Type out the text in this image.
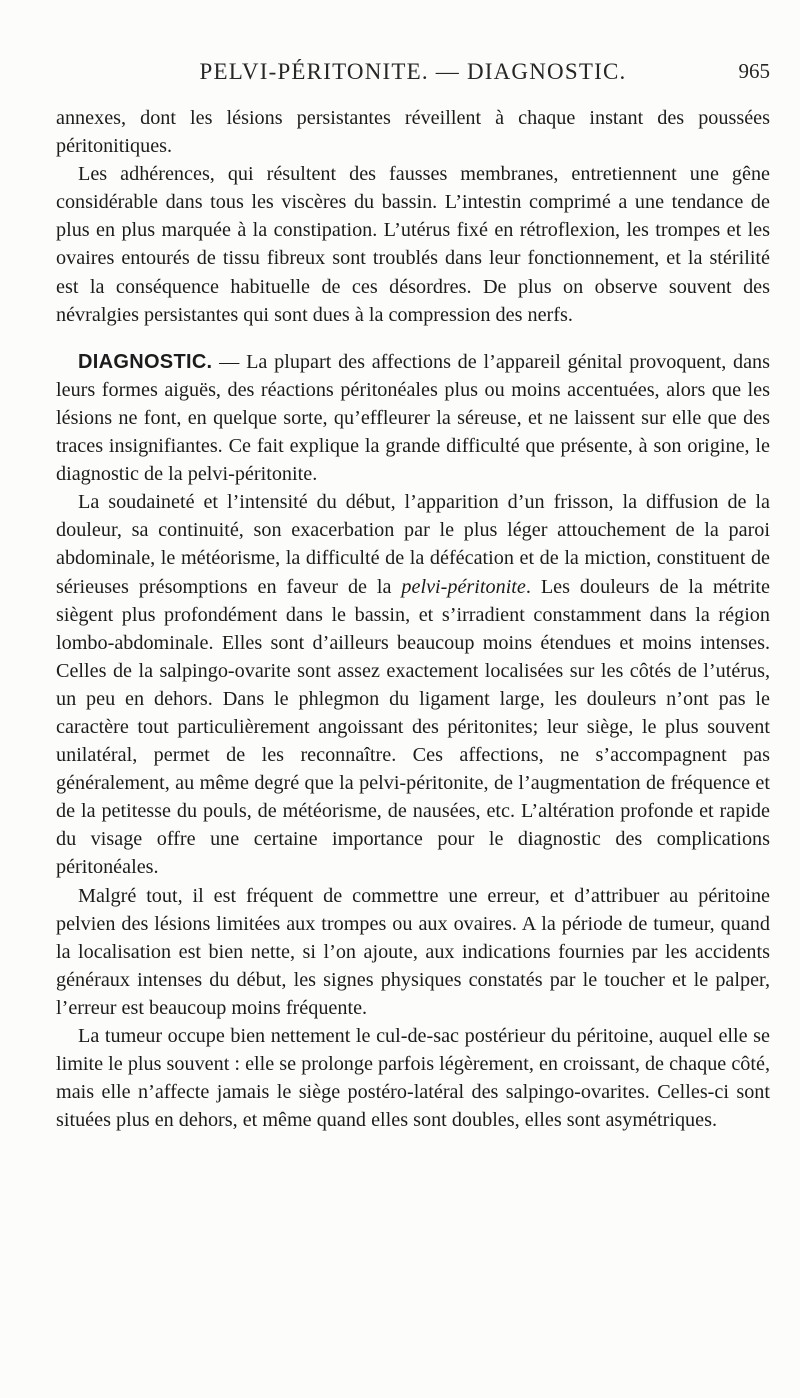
PELVI-PÉRITONITE. — DIAGNOSTIC.	965

annexes, dont les lésions persistantes réveillent à chaque instant des poussées péritonitiques.

Les adhérences, qui résultent des fausses membranes, entretiennent une gêne considérable dans tous les viscères du bassin. L’intestin comprimé a une tendance de plus en plus marquée à la constipation. L’utérus fixé en rétroflexion, les trompes et les ovaires entourés de tissu fibreux sont troublés dans leur fonctionnement, et la stérilité est la conséquence habituelle de ces désordres. De plus on observe souvent des névralgies persistantes qui sont dues à la compression des nerfs.

DIAGNOSTIC. — La plupart des affections de l’appareil génital provoquent, dans leurs formes aiguës, des réactions péritonéales plus ou moins accentuées, alors que les lésions ne font, en quelque sorte, qu’effleurer la séreuse, et ne laissent sur elle que des traces insignifiantes. Ce fait explique la grande difficulté que présente, à son origine, le diagnostic de la pelvi-péritonite.

La soudaineté et l’intensité du début, l’apparition d’un frisson, la diffusion de la douleur, sa continuité, son exacerbation par le plus léger attouchement de la paroi abdominale, le météorisme, la difficulté de la défécation et de la miction, constituent de sérieuses présomptions en faveur de la pelvi-péritonite. Les douleurs de la métrite siègent plus profondément dans le bassin, et s’irradient constamment dans la région lombo-abdominale. Elles sont d’ailleurs beaucoup moins étendues et moins intenses. Celles de la salpingo-ovarite sont assez exactement localisées sur les côtés de l’utérus, un peu en dehors. Dans le phlegmon du ligament large, les douleurs n’ont pas le caractère tout particulièrement angoissant des péritonites; leur siège, le plus souvent unilatéral, permet de les reconnaître. Ces affections, ne s’accompagnent pas généralement, au même degré que la pelvi-péritonite, de l’augmentation de fréquence et de la petitesse du pouls, de météorisme, de nausées, etc. L’altération profonde et rapide du visage offre une certaine importance pour le diagnostic des complications péritonéales.

Malgré tout, il est fréquent de commettre une erreur, et d’attribuer au péritoine pelvien des lésions limitées aux trompes ou aux ovaires. A la période de tumeur, quand la localisation est bien nette, si l’on ajoute, aux indications fournies par les accidents généraux intenses du début, les signes physiques constatés par le toucher et le palper, l’erreur est beaucoup moins fréquente.

La tumeur occupe bien nettement le cul-de-sac postérieur du péritoine, auquel elle se limite le plus souvent : elle se prolonge parfois légèrement, en croissant, de chaque côté, mais elle n’affecte jamais le siège postéro-latéral des salpingo-ovarites. Celles-ci sont situées plus en dehors, et même quand elles sont doubles, elles sont asymétriques.
